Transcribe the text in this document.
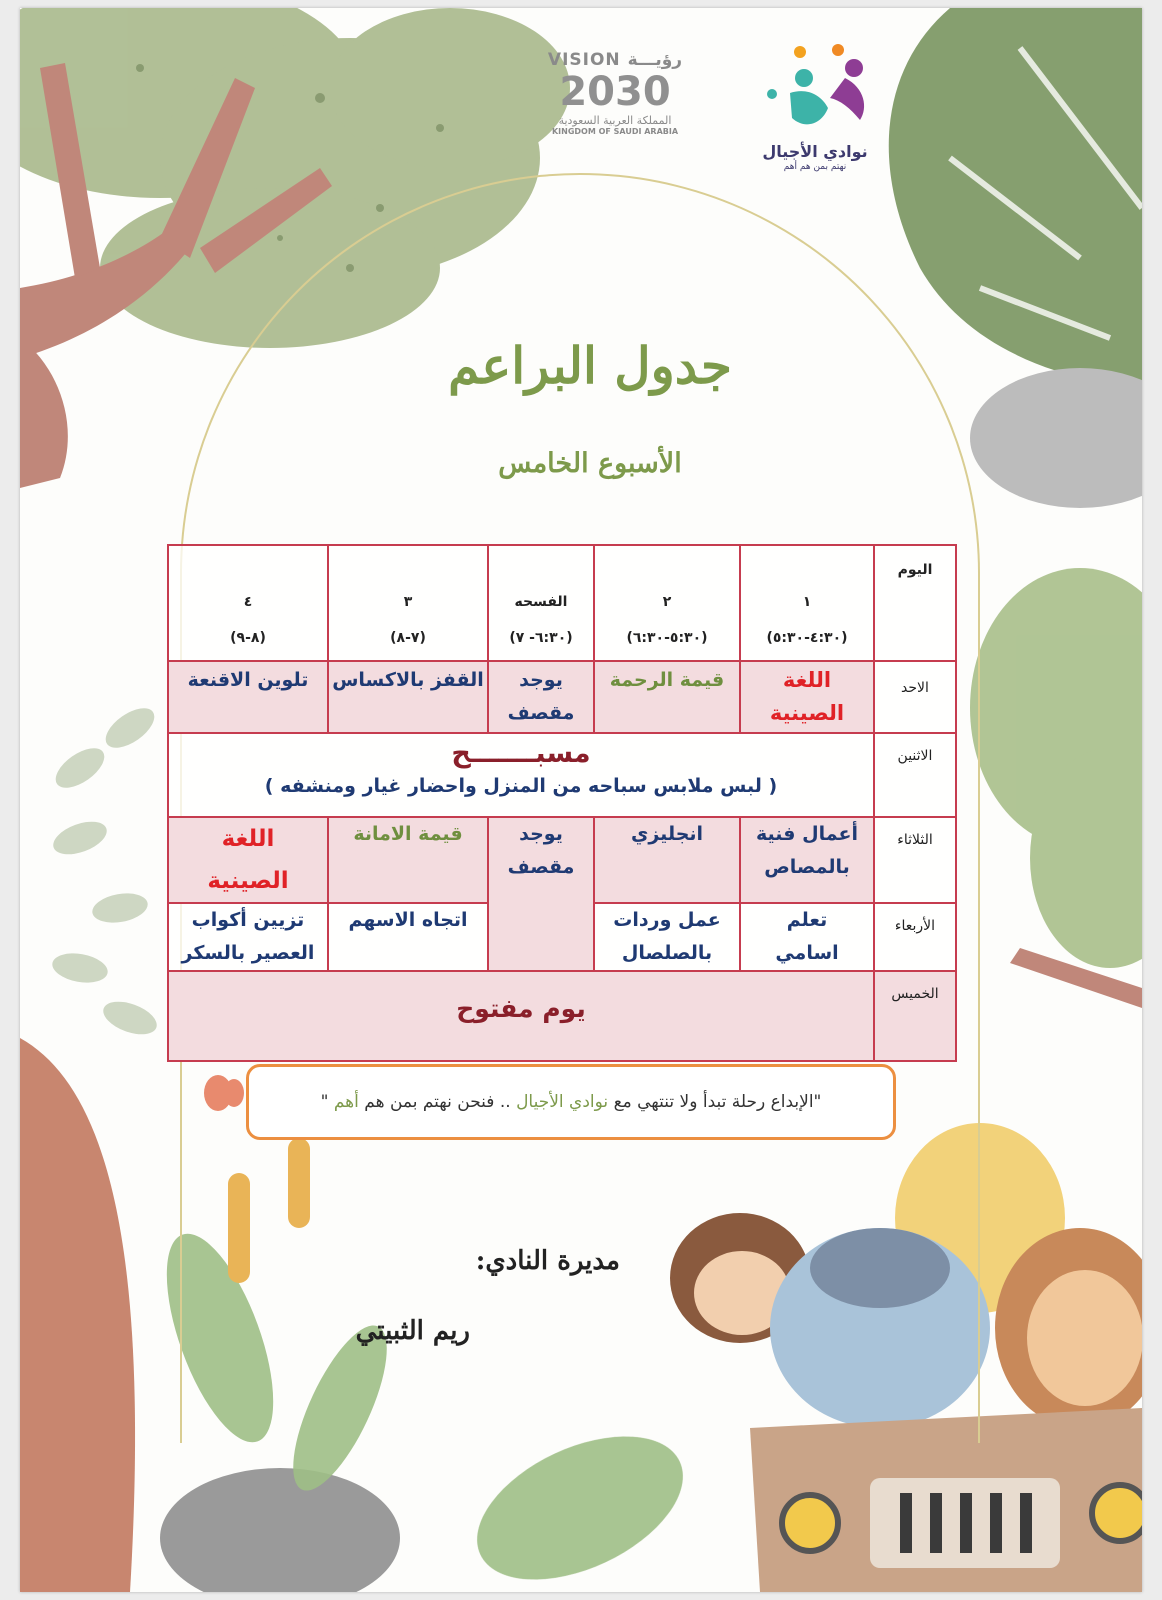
VISION رؤيـــة
2030
المملكة العربية السعودية
KINGDOM OF SAUDI ARABIA
نوادي الأجيال
نهتم بمن هم أهم
جدول البراعم
الأسبوع الخامس
اليوم
١
(٤:٣٠-٥:٣٠)
٢
(٥:٣٠-٦:٣٠)
الفسحه
(٦:٣٠- ٧)
٣
(٧-٨)
٤
(٨-٩)
الاحد
اللغة الصينية
قيمة الرحمة
يوجد مقصف
القفز بالاكساس
تلوين الاقنعة
الاثنين
مسبـــــــح
( لبس ملابس سباحه من المنزل واحضار غيار ومنشفه )
الثلاثاء
أعمال فنية بالمصاص
انجليزي
يوجد مقصف
قيمة الامانة
اللغة الصينية
الأربعاء
تعلم اسامي
عمل وردات بالصلصال
اتجاه الاسهم
تزيين أكواب العصير بالسكر
الخميس
يوم مفتوح
"الإبداع رحلة تبدأ ولا تنتهي مع نوادي الأجيال .. فنحن نهتم بمن هم أهم "
مديرة النادي:
ريم الثبيتي
